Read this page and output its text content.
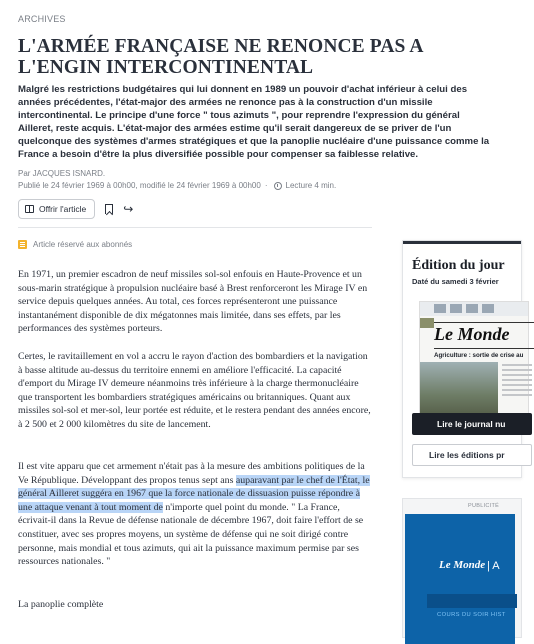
ARCHIVES
L'ARMÉE FRANÇAISE NE RENONCE PAS A L'ENGIN INTERCONTINENTAL

Malgré les restrictions budgétaires qui lui donnent en 1989 un pouvoir d'achat inférieur à celui des années précédentes, l'état-major des armées ne renonce pas à la construction d'un missile intercontinental. Le principe d'une force " tous azimuts ", pour reprendre l'expression du général Ailleret, reste acquis. L'état-major des armées estime qu'il serait dangereux de se priver de l'un quelconque des systèmes d'armes stratégiques et que la panoplie nucléaire d'une puissance comme la France a besoin d'être la plus diversifiée possible pour compenser sa faiblesse relative.

Par JACQUES ISNARD.
Publié le 24 février 1969 à 00h00, modifié le 24 février 1969 à 00h00 · Lecture 4 min.
Offrir l'article	↪
Article réservé aux abonnés

En 1971, un premier escadron de neuf missiles sol-sol enfouis en Haute-Provence et un sous-marin stratégique à propulsion nucléaire basé à Brest renforceront les Mirage IV en service depuis quelques années. Au total, ces forces représenteront une puissance instantanément disponible de dix mégatonnes mais limitée, dans ses effets, par les performances des systèmes porteurs.

Certes, le ravitaillement en vol a accru le rayon d'action des bombardiers et la navigation à basse altitude au-dessus du territoire ennemi en améliore l'efficacité. La capacité d'emport du Mirage IV demeure néanmoins très inférieure à la charge thermonucléaire que transportent les bombardiers stratégiques américains ou britanniques. Quant aux missiles sol-sol et mer-sol, leur portée est réduite, et le restera pendant des années encore, à 2 500 et 2 000 kilomètres du site de lancement.

Il est vite apparu que cet armement n'était pas à la mesure des ambitions politiques de la Ve République. Développant des propos tenus sept ans auparavant par le chef de l'État, le général Ailleret suggéra en 1967 que la force nationale de dissuasion puisse répondre à une attaque venant à tout moment de n'importe quel point du monde. " La France, écrivait-il dans la Revue de défense nationale de décembre 1967, doit faire l'effort de se constituer, avec ses propres moyens, un système de défense qui ne soit dirigé contre personne, mais mondial et tous azimuts, qui ait la puissance maximum permise par ses ressources nationales. "

La panoplie complète

Édition du jour
Daté du samedi 3 février
Le Monde
Agriculture : sortie de crise au
Lire le journal nu
Lire les éditions pr
Le Monde | A
COURS DU SOIR HIST
PUBLICITÉ
